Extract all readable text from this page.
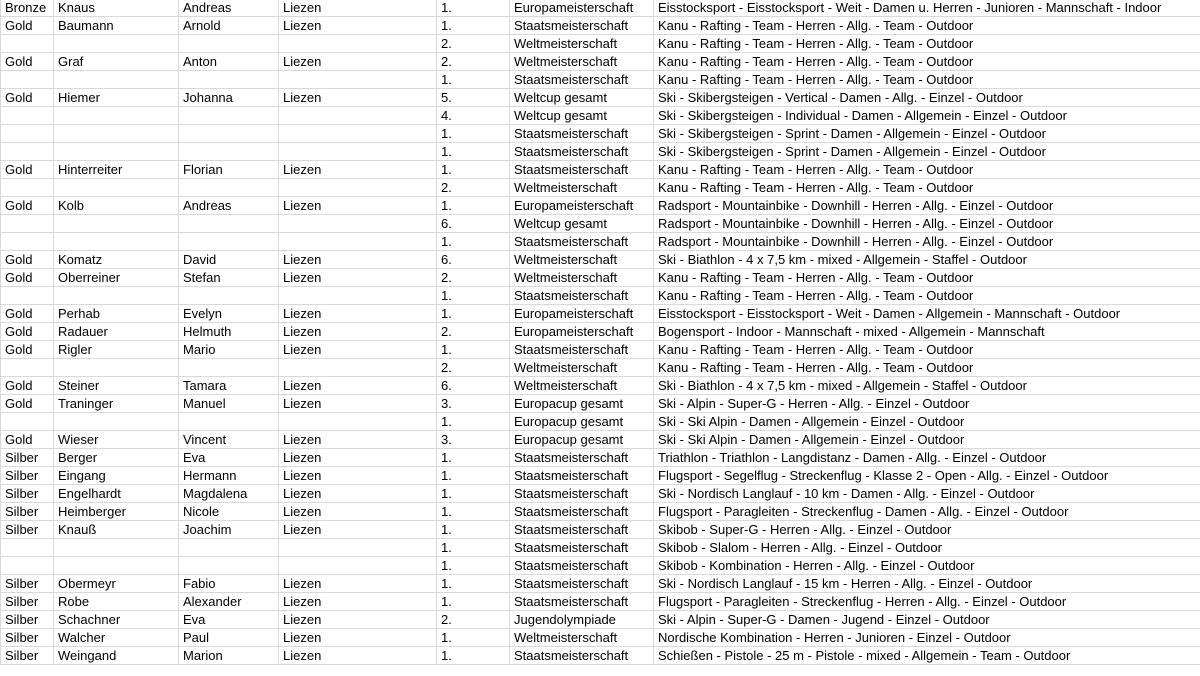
Bronze	Knaus	Andreas	Liezen	1.	Europameisterschaft	Eisstocksport - Eisstocksport - Weit - Damen u. Herren - Junioren - Mannschaft - Indoor
Gold	Baumann	Arnold	Liezen	1.	Staatsmeisterschaft	Kanu - Rafting - Team - Herren - Allg. - Team - Outdoor
				2.	Weltmeisterschaft	Kanu - Rafting - Team - Herren - Allg. - Team - Outdoor
Gold	Graf	Anton	Liezen	2.	Weltmeisterschaft	Kanu - Rafting - Team - Herren - Allg. - Team - Outdoor
				1.	Staatsmeisterschaft	Kanu - Rafting - Team - Herren - Allg. - Team - Outdoor
Gold	Hiemer	Johanna	Liezen	5.	Weltcup gesamt	Ski - Skibergsteigen - Vertical - Damen - Allg. - Einzel - Outdoor
				4.	Weltcup gesamt	Ski - Skibergsteigen - Individual - Damen - Allgemein - Einzel - Outdoor
				1.	Staatsmeisterschaft	Ski - Skibergsteigen - Sprint - Damen - Allgemein - Einzel - Outdoor
				1.	Staatsmeisterschaft	Ski - Skibergsteigen - Sprint - Damen - Allgemein - Einzel - Outdoor
Gold	Hinterreiter	Florian	Liezen	1.	Staatsmeisterschaft	Kanu - Rafting - Team - Herren - Allg. - Team - Outdoor
				2.	Weltmeisterschaft	Kanu - Rafting - Team - Herren - Allg. - Team - Outdoor
Gold	Kolb	Andreas	Liezen	1.	Europameisterschaft	Radsport - Mountainbike - Downhill - Herren - Allg. - Einzel - Outdoor
				6.	Weltcup gesamt	Radsport - Mountainbike - Downhill - Herren - Allg. - Einzel - Outdoor
				1.	Staatsmeisterschaft	Radsport - Mountainbike - Downhill - Herren - Allg. - Einzel - Outdoor
Gold	Komatz	David	Liezen	6.	Weltmeisterschaft	Ski - Biathlon - 4 x 7,5 km - mixed - Allgemein - Staffel - Outdoor
Gold	Oberreiner	Stefan	Liezen	2.	Weltmeisterschaft	Kanu - Rafting - Team - Herren - Allg. - Team - Outdoor
				1.	Staatsmeisterschaft	Kanu - Rafting - Team - Herren - Allg. - Team - Outdoor
Gold	Perhab	Evelyn	Liezen	1.	Europameisterschaft	Eisstocksport - Eisstocksport - Weit - Damen - Allgemein - Mannschaft - Outdoor
Gold	Radauer	Helmuth	Liezen	2.	Europameisterschaft	Bogensport - Indoor - Mannschaft - mixed - Allgemein - Mannschaft
Gold	Rigler	Mario	Liezen	1.	Staatsmeisterschaft	Kanu - Rafting - Team - Herren - Allg. - Team - Outdoor
				2.	Weltmeisterschaft	Kanu - Rafting - Team - Herren - Allg. - Team - Outdoor
Gold	Steiner	Tamara	Liezen	6.	Weltmeisterschaft	Ski - Biathlon - 4 x 7,5 km - mixed - Allgemein - Staffel - Outdoor
Gold	Traninger	Manuel	Liezen	3.	Europacup gesamt	Ski - Alpin - Super-G - Herren - Allg. - Einzel - Outdoor
				1.	Europacup gesamt	Ski - Ski Alpin - Damen - Allgemein - Einzel - Outdoor
Gold	Wieser	Vincent	Liezen	3.	Europacup gesamt	Ski - Ski Alpin - Damen - Allgemein - Einzel - Outdoor
Silber	Berger	Eva	Liezen	1.	Staatsmeisterschaft	Triathlon - Triathlon - Langdistanz - Damen - Allg. - Einzel - Outdoor
Silber	Eingang	Hermann	Liezen	1.	Staatsmeisterschaft	Flugsport - Segelflug - Streckenflug - Klasse 2 - Open - Allg. - Einzel - Outdoor
Silber	Engelhardt	Magdalena	Liezen	1.	Staatsmeisterschaft	Ski - Nordisch Langlauf - 10 km - Damen - Allg. - Einzel - Outdoor
Silber	Heimberger	Nicole	Liezen	1.	Staatsmeisterschaft	Flugsport - Paragleiten - Streckenflug - Damen - Allg. - Einzel - Outdoor
Silber	Knauß	Joachim	Liezen	1.	Staatsmeisterschaft	Skibob - Super-G - Herren - Allg. - Einzel - Outdoor
				1.	Staatsmeisterschaft	Skibob - Slalom - Herren - Allg. - Einzel - Outdoor
				1.	Staatsmeisterschaft	Skibob - Kombination - Herren - Allg. - Einzel - Outdoor
Silber	Obermeyr	Fabio	Liezen	1.	Staatsmeisterschaft	Ski - Nordisch Langlauf - 15 km - Herren - Allg. - Einzel - Outdoor
Silber	Robe	Alexander	Liezen	1.	Staatsmeisterschaft	Flugsport - Paragleiten - Streckenflug - Herren - Allg. - Einzel - Outdoor
Silber	Schachner	Eva	Liezen	2.	Jugendolympiade	Ski - Alpin - Super-G - Damen - Jugend - Einzel - Outdoor
Silber	Walcher	Paul	Liezen	1.	Weltmeisterschaft	Nordische Kombination - Herren - Junioren - Einzel - Outdoor
Silber	Weingand	Marion	Liezen	1.	Staatsmeisterschaft	Schießen - Pistole - 25 m - Pistole - mixed - Allgemein - Team - Outdoor
